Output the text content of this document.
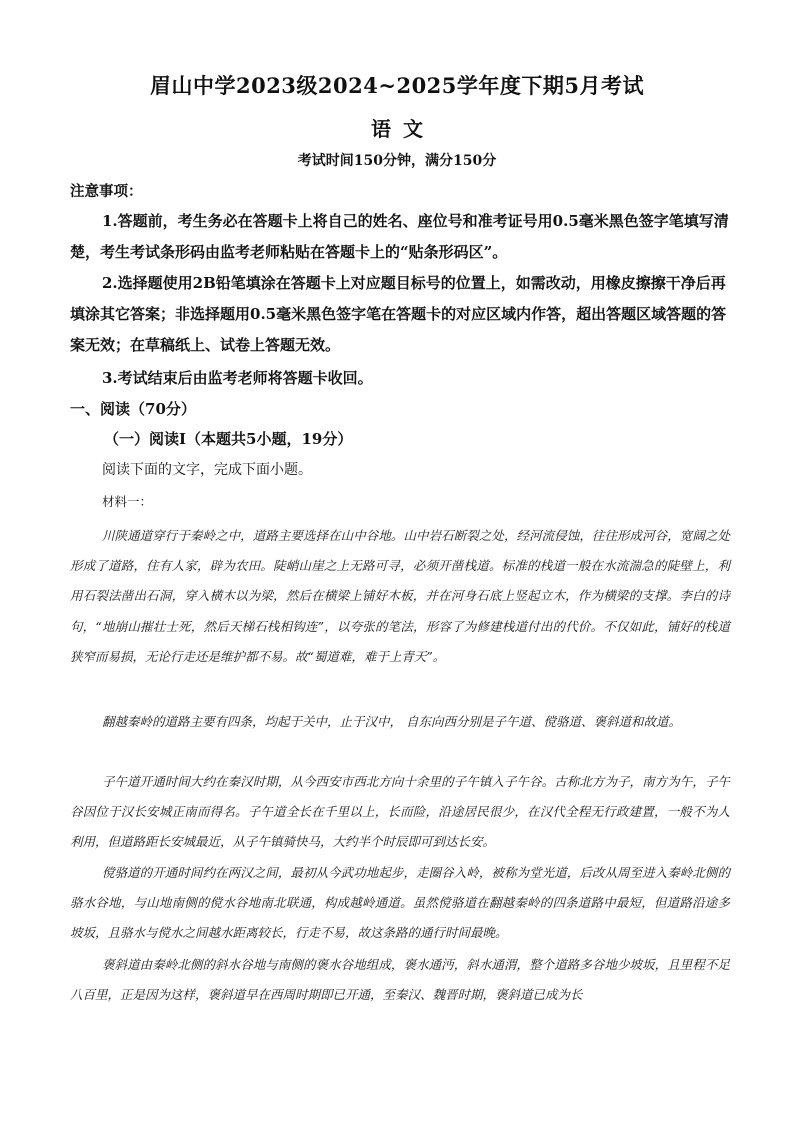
眉山中学2023级2024~2025学年度下期5月考试
语文
考试时间150分钟，满分150分
注意事项：

1.答题前，考生务必在答题卡上将自己的姓名、座位号和准考证号用0.5毫米黑色签字笔填写清楚，考生考试条形码由监考老师粘贴在答题卡上的“贴条形码区”。

2.选择题使用2B铅笔填涂在答题卡上对应题目标号的位置上，如需改动，用橡皮擦擦干净后再填涂其它答案；非选择题用0.5毫米黑色签字笔在答题卡的对应区域内作答，超出答题区域答题的答案无效；在草稿纸上、试卷上答题无效。

3.考试结束后由监考老师将答题卡收回。

一、阅读（70分）
（一）阅读Ⅰ（本题共5小题，19分）
阅读下面的文字，完成下面小题。
材料一：

川陕通道穿行于秦岭之中，道路主要选择在山中谷地。山中岩石断裂之处，经河流侵蚀，往往形成河谷，宽阔之处形成了道路，住有人家，辟为农田。陡峭山崖之上无路可寻，必须开凿栈道。标准的栈道一般在水流湍急的陡壁上，利用石裂法凿出石洞，穿入横木以为梁，然后在横梁上铺好木板，并在河身石底上竖起立木，作为横梁的支撑。李白的诗句，“地崩山摧壮士死，然后天梯石栈相钩连”，以夸张的笔法，形容了为修建栈道付出的代价。不仅如此，铺好的栈道狭窄而易损，无论行走还是维护都不易。故“蜀道难，难于上青天”。

翻越秦岭的道路主要有四条，均起于关中，止于汉中， 自东向西分别是子午道、傥骆道、褒斜道和故道。

子午道开通时间大约在秦汉时期，从今西安市西北方向十余里的子午镇入子午谷。古称北方为子，南方为午，子午谷因位于汉长安城正南而得名。子午道全长在千里以上，长而险，沿途居民很少，在汉代全程无行政建置，一般不为人利用，但道路距长安城最近，从子午镇骑快马，大约半个时辰即可到达长安。

傥骆道的开通时间约在两汉之间，最初从今武功地起步，走圈谷入岭，被称为堂光道，后改从周至进入秦岭北侧的骆水谷地，与山地南侧的傥水谷地南北联通，构成越岭通道。虽然傥骆道在翻越秦岭的四条道路中最短，但道路沿途多坡坂，且骆水与傥水之间越水距离较长，行走不易，故这条路的通行时间最晚。

褒斜道由秦岭北侧的斜水谷地与南侧的褒水谷地组成，褒水通沔，斜水通渭，整个道路多谷地少坡坂，且里程不足八百里，正是因为这样，褒斜道早在西周时期即已开通，至秦汉、魏晋时期，褒斜道已成为长
